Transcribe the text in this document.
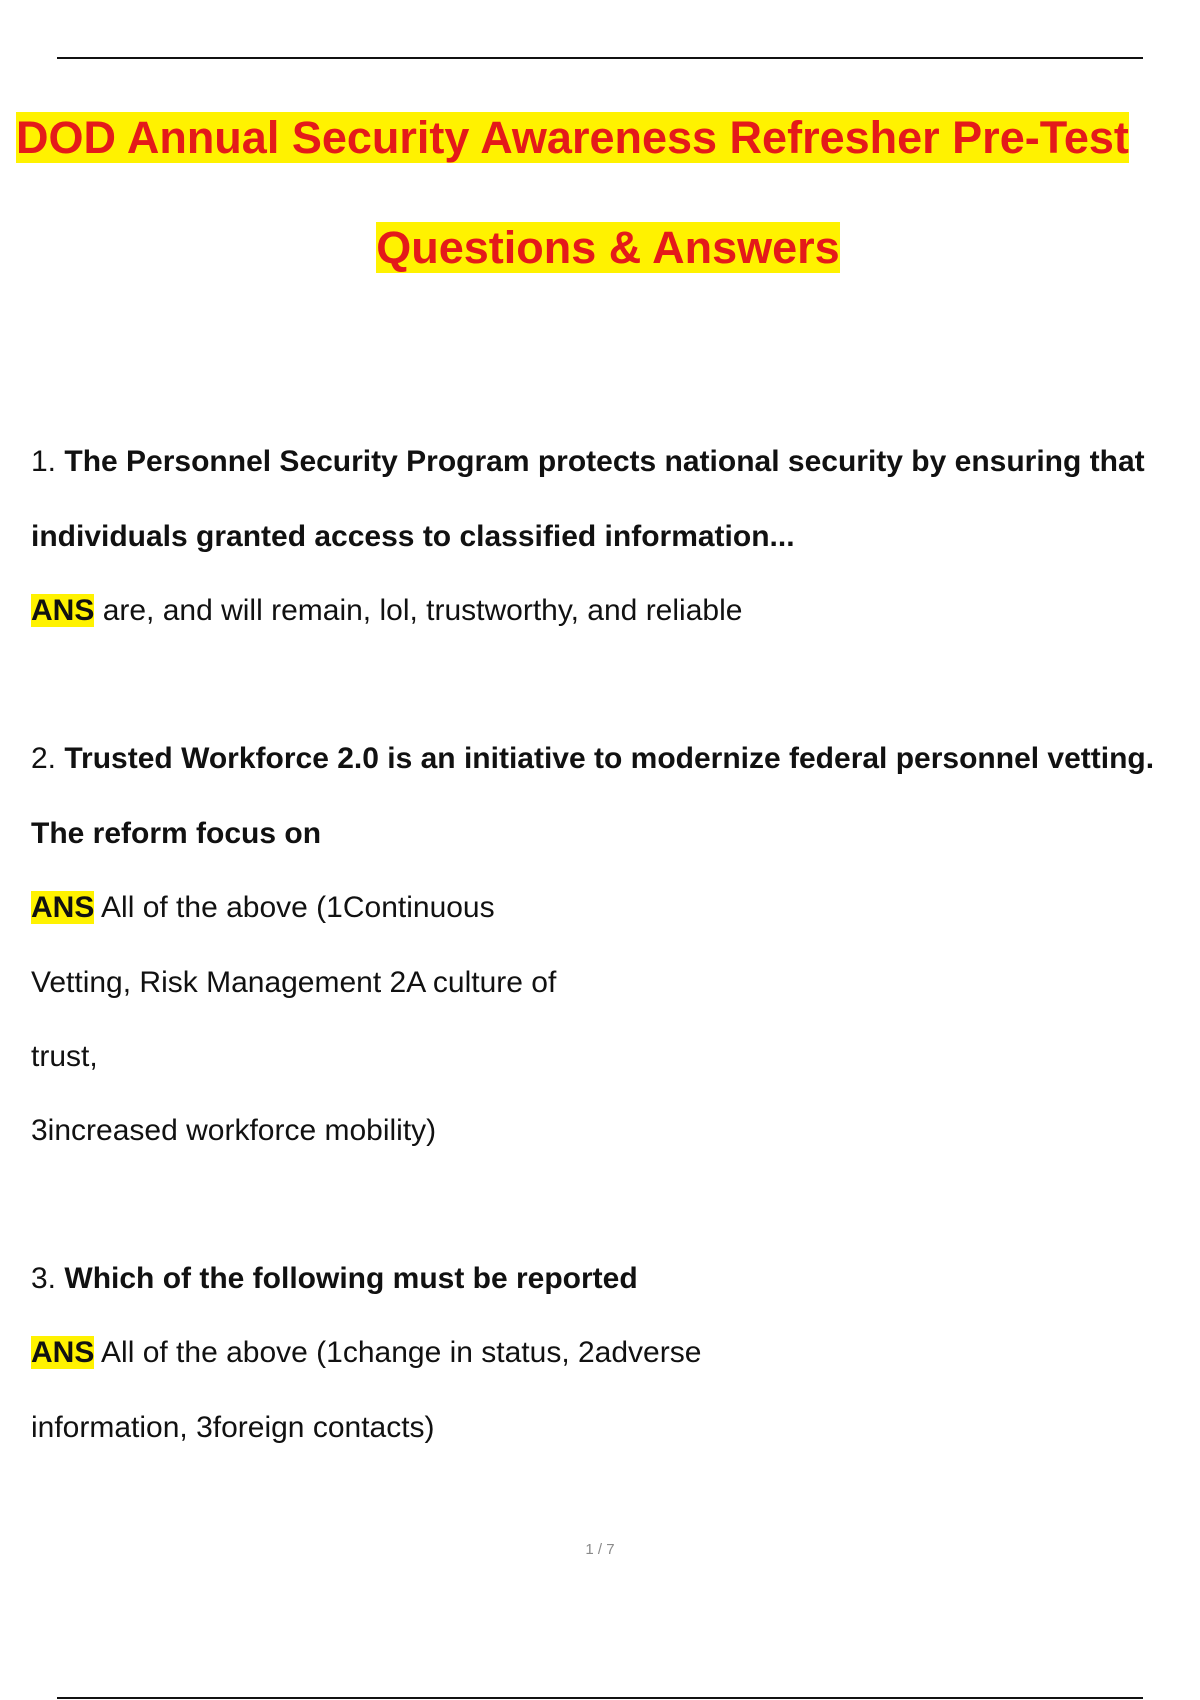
DOD Annual Security Awareness Refresher Pre-Test
Questions & Answers
1. The Personnel Security Program protects national security by ensuring that
individuals granted access to classified information...
ANS are, and will remain, lol, trustworthy, and reliable
2. Trusted Workforce 2.0 is an initiative to modernize federal personnel vetting.
The reform focus on
ANS All of the above (1Continuous
Vetting, Risk Management 2A culture of
trust,
3increased workforce mobility)
3. Which of the following must be reported
ANS All of the above (1change in status, 2adverse
information, 3foreign contacts)
1 / 7
